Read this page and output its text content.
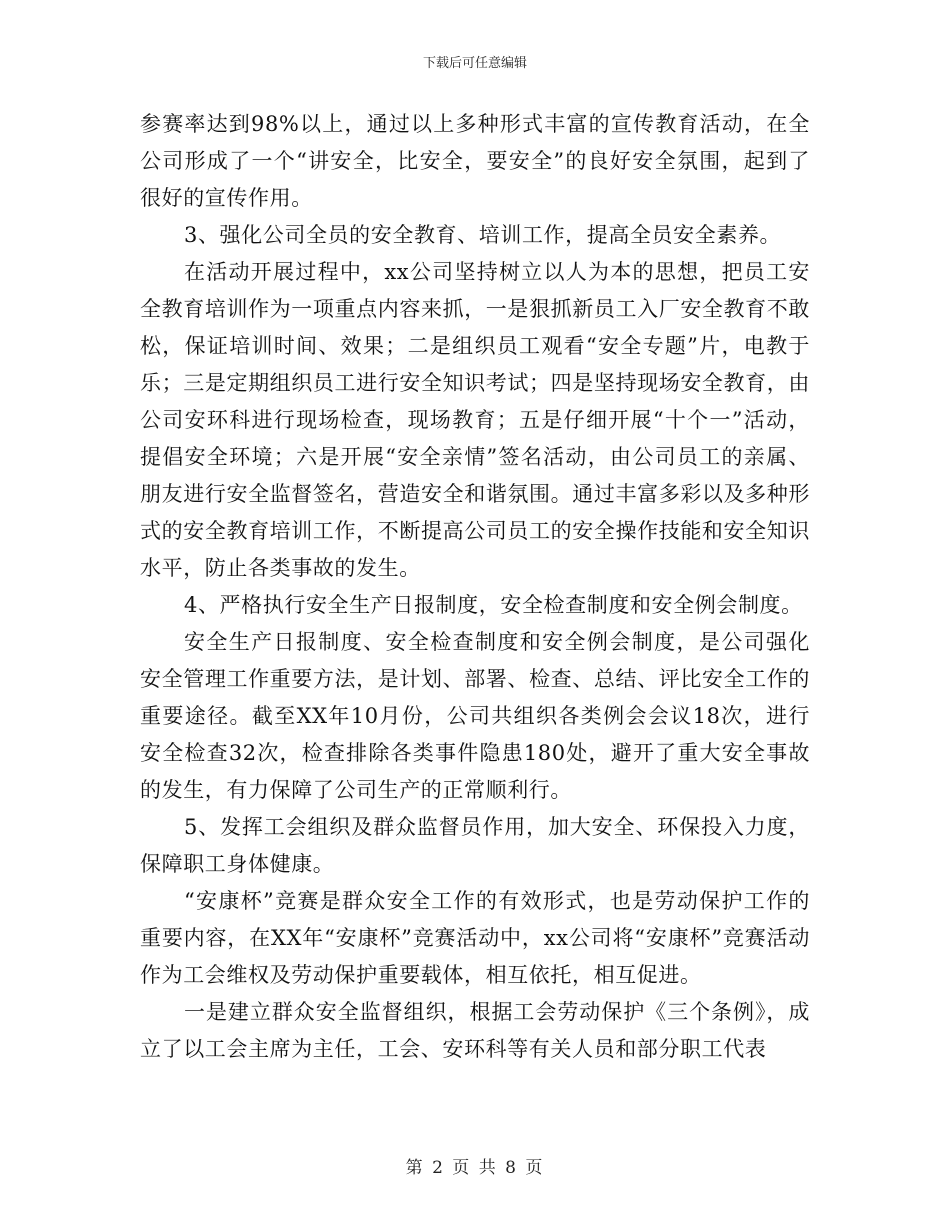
下载后可任意编辑

参赛率达到98%以上，通过以上多种形式丰富的宣传教育活动，在全公司形成了一个“讲安全，比安全，要安全”的良好安全氛围，起到了很好的宣传作用。

3、强化公司全员的安全教育、培训工作，提高全员安全素养。

在活动开展过程中，xx公司坚持树立以人为本的思想，把员工安全教育培训作为一项重点内容来抓，一是狠抓新员工入厂安全教育不敢松，保证培训时间、效果；二是组织员工观看“安全专题”片，电教于乐；三是定期组织员工进行安全知识考试；四是坚持现场安全教育，由公司安环科进行现场检查，现场教育；五是仔细开展“十个一”活动，提倡安全环境；六是开展“安全亲情”签名活动，由公司员工的亲属、朋友进行安全监督签名，营造安全和谐氛围。通过丰富多彩以及多种形式的安全教育培训工作，不断提高公司员工的安全操作技能和安全知识水平，防止各类事故的发生。

4、严格执行安全生产日报制度，安全检查制度和安全例会制度。

安全生产日报制度、安全检查制度和安全例会制度，是公司强化安全管理工作重要方法，是计划、部署、检查、总结、评比安全工作的重要途径。截至XX年10月份，公司共组织各类例会会议18次，进行安全检查32次，检查排除各类事件隐患180处，避开了重大安全事故的发生，有力保障了公司生产的正常顺利行。

5、发挥工会组织及群众监督员作用，加大安全、环保投入力度，保障职工身体健康。

“安康杯”竞赛是群众安全工作的有效形式，也是劳动保护工作的重要内容，在XX年“安康杯”竞赛活动中，xx公司将“安康杯”竞赛活动作为工会维权及劳动保护重要载体，相互依托，相互促进。

一是建立群众安全监督组织，根据工会劳动保护《三个条例》，成立了以工会主席为主任，工会、安环科等有关人员和部分职工代表

第 2 页 共 8 页
